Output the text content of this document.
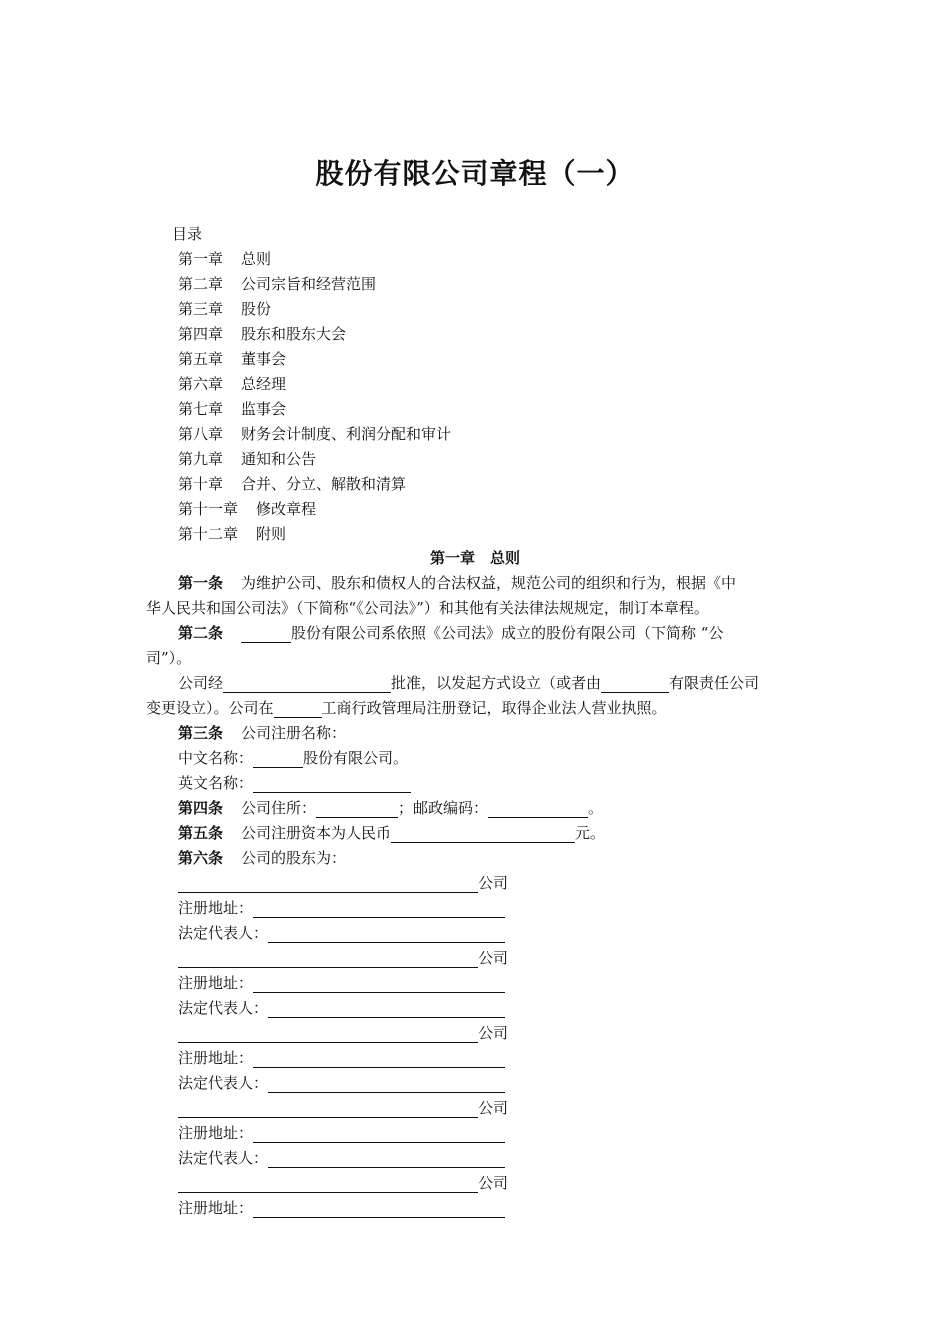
股份有限公司章程（一）
目录
第一章 总则
第二章 公司宗旨和经营范围
第三章 股份
第四章 股东和股东大会
第五章 董事会
第六章 总经理
第七章 监事会
第八章 财务会计制度、利润分配和审计
第九章 通知和公告
第十章 合并、分立、解散和清算
第十一章 修改章程
第十二章 附则
第一章　总则
第一条 为维护公司、股东和债权人的合法权益，规范公司的组织和行为，根据《中
华人民共和国公司法》（下简称“《公司法》”）和其他有关法律法规规定，制订本章程。
第二条	股份有限公司系依照《公司法》成立的股份有限公司（下简称 “公
司”）。
公司经	批准，以发起方式设立（或者由	有限责任公司
变更设立）。公司在	工商行政管理局注册登记，取得企业法人营业执照。
第三条 公司注册名称：
中文名称：	股份有限公司。
英文名称：
第四条 公司住所：	；邮政编码：	。
第五条 公司注册资本为人民币	元。
第六条 公司的股东为：
公司
注册地址：
法定代表人：
公司
注册地址：
法定代表人：
公司
注册地址：
法定代表人：
公司
注册地址：
法定代表人：
公司
注册地址：
